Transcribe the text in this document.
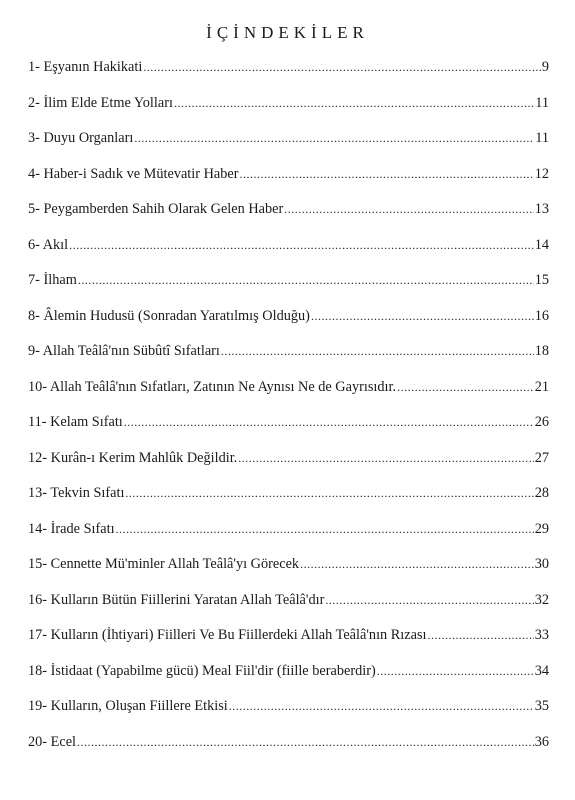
İÇİNDEKİLER
1- Eşyanın Hakikati .....	9
2- İlim Elde Etme Yolları .....	11
3- Duyu Organları .....	11
4- Haber-i Sadık ve Mütevatir Haber .....	12
5- Peygamberden Sahih Olarak Gelen Haber .....	13
6- Akıl .....	14
7- İlham .....	15
8- Âlemin Hudusü (Sonradan Yaratılmış Olduğu) .....	16
9- Allah Teâlâ'nın Sübûtî Sıfatları .....	18
10- Allah Teâlâ'nın Sıfatları, Zatının Ne Aynısı Ne de Gayrısıdır. .....	21
11- Kelam Sıfatı .....	26
12- Kurân-ı Kerim Mahlûk Değildir. .....	27
13- Tekvin Sıfatı .....	28
14- İrade Sıfatı .....	29
15- Cennette Mü'minler Allah Teâlâ'yı Görecek .....	30
16- Kulların Bütün Fiillerini Yaratan Allah Teâlâ'dır .....	32
17- Kulların (İhtiyari) Fiilleri Ve Bu Fiillerdeki Allah Teâlâ'nın Rızası .....	33
18- İstidaat (Yapabilme gücü) Meal Fiil'dir (fiille beraberdir) .....	34
19- Kulların, Oluşan Fiillere Etkisi .....	35
20- Ecel .....	36
